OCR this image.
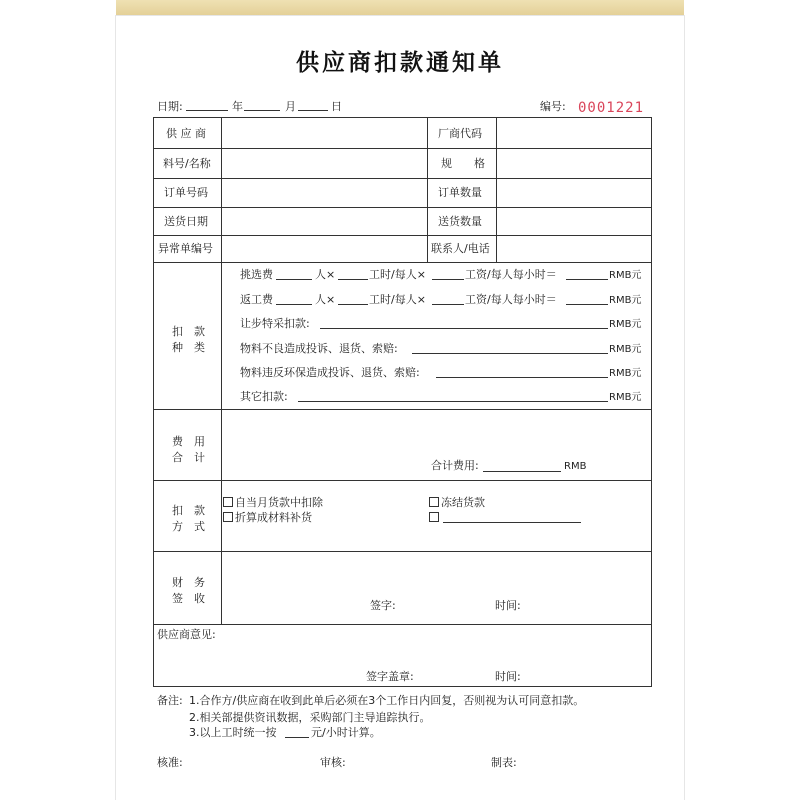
供应商扣款通知单
日期:	年	月	日	编号: 0001221
供 应 商	厂商代码
料号/名称	规　　格
订单号码	订单数量
送货日期	送货数量
异常单编号	联系人/电话
扣　款
种　类
挑选费	人×	工时/每人×	工资/每人每小时＝	RMB元
返工费	人×	工时/每人×	工资/每人每小时＝	RMB元
让步特采扣款:	RMB元
物料不良造成投诉、退货、索赔:	RMB元
物料违反环保造成投诉、退货、索赔:	RMB元
其它扣款:	RMB元
费　用
合　计
合计费用:	RMB
扣　款
方　式
自当月货款中扣除	冻结货款
折算成材料补货
财　务
签　收
签字:	时间:
供应商意见:
签字盖章:	时间:
备注: 1.合作方/供应商在收到此单后必须在3个工作日内回复，否则视为认可同意扣款。
2.相关部提供资讯数据，采购部门主导追踪执行。
3.以上工时统一按	元/小时计算。
核准:	审核:	制表:
